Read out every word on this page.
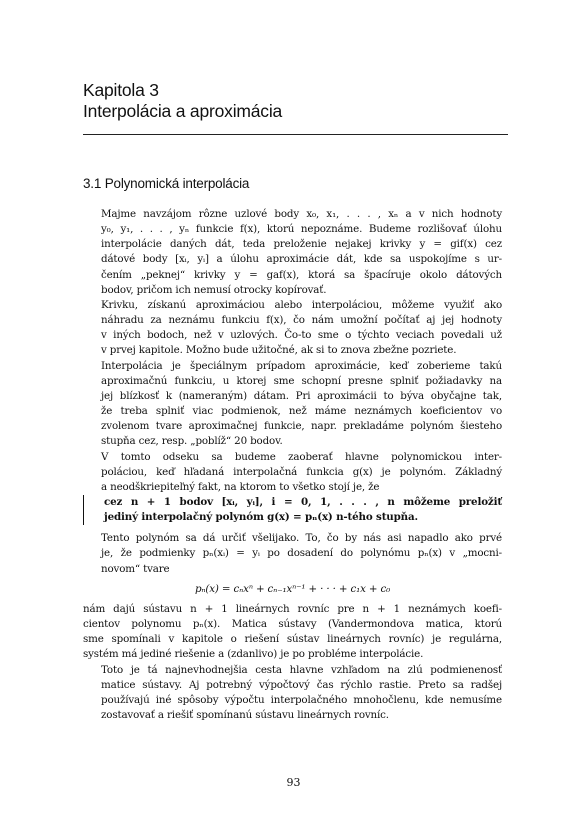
Kapitola 3
Interpolácia a aproximácia
3.1 Polynomická interpolácia

Majme navzájom rôzne uzlové body x₀, x₁, . . . , xₙ a v nich hodnoty
y₀, y₁, . . . , yₙ funkcie f(x), ktorú nepoznáme. Budeme rozlišovať úlohu
interpolácie daných dát, teda preloženie nejakej krivky y = gif(x) cez
dátové body [xᵢ, yᵢ] a úlohu aproximácie dát, kde sa uspokojíme s ur-
čením „peknej“ krivky y = gaf(x), ktorá sa špacíruje okolo dátových
bodov, pričom ich nemusí otrocky kopírovať.

Krivku, získanú aproximáciou alebo interpoláciou, môžeme využiť ako
náhradu za neznámu funkciu f(x), čo nám umožní počítať aj jej hodnoty
v iných bodoch, než v uzlových. Čo-to sme o týchto veciach povedali už
v prvej kapitole. Možno bude užitočné, ak si to znova zbežne pozriete.

Interpolácia je špeciálnym prípadom aproximácie, keď zoberieme takú
aproximačnú funkciu, u ktorej sme schopní presne splniť požiadavky na
jej blízkosť k (nameraným) dátam. Pri aproximácii to býva obyčajne tak,
že treba splniť viac podmienok, než máme neznámych koeficientov vo
zvolenom tvare aproximačnej funkcie, napr. prekladáme polynóm šiesteho
stupňa cez, resp. „poblíž“ 20 bodov.

V tomto odseku sa budeme zaoberať hlavne polynomickou inter-
poláciou, keď hľadaná interpolačná funkcia g(x) je polynóm. Základný
a neodškriepiteľný fakt, na ktorom to všetko stojí je, že

cez n + 1 bodov [xᵢ, yᵢ], i = 0, 1, . . . , n môžeme preložiť
jediný interpolačný polynóm g(x) = pₙ(x) n-tého stupňa.

Tento polynóm sa dá určiť všelijako. To, čo by nás asi napadlo ako prvé
je, že podmienky pₙ(xᵢ) = yᵢ po dosadení do polynómu pₙ(x) v „mocni-
novom“ tvare

pₙ(x) = cₙxⁿ + cₙ₋₁xⁿ⁻¹ + · · · + c₁x + c₀

nám dajú sústavu n + 1 lineárnych rovníc pre n + 1 neznámych koefi-
cientov polynomu pₙ(x). Matica sústavy (Vandermondova matica, ktorú
sme spomínali v kapitole o riešení sústav lineárnych rovníc) je regulárna,
systém má jediné riešenie a (zdanlivo) je po probléme interpolácie.

Toto je tá najnevhodnejšia cesta hlavne vzhľadom na zlú podmienenosť
matice sústavy. Aj potrebný výpočtový čas rýchlo rastie. Preto sa radšej
používajú iné spôsoby výpočtu interpolačného mnohočlenu, kde nemusíme
zostavovať a riešiť spomínanú sústavu lineárnych rovníc.

93
